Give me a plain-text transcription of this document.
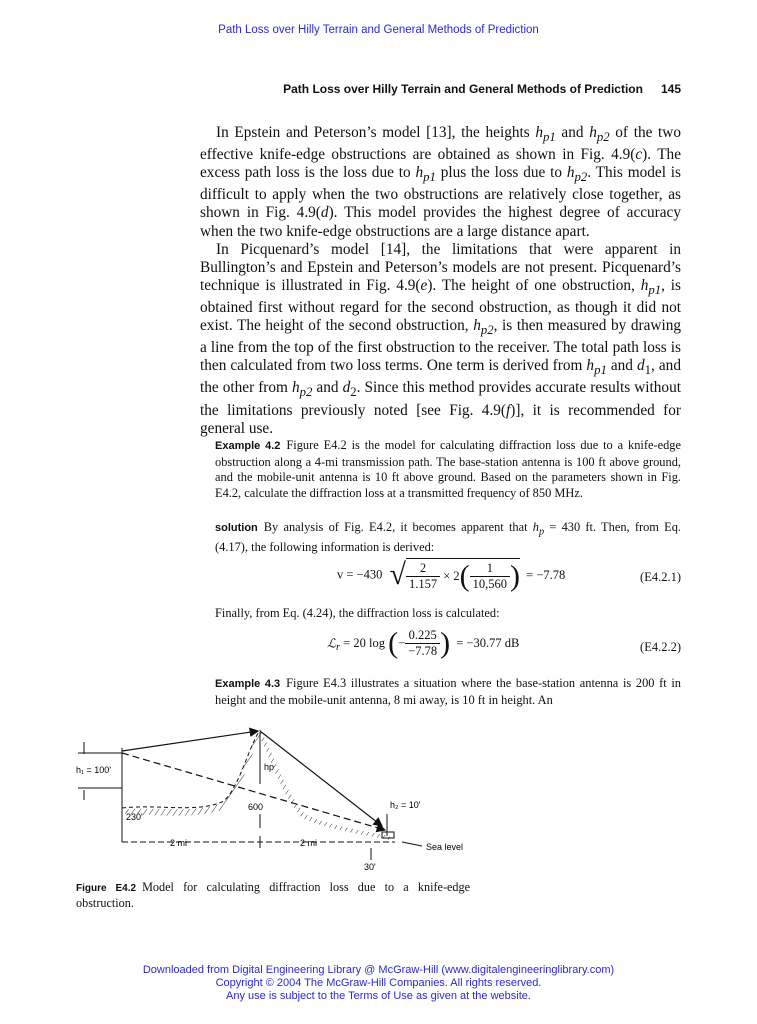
Path Loss over Hilly Terrain and General Methods of Prediction
Path Loss over Hilly Terrain and General Methods of Prediction 145

In Epstein and Peterson’s model [13], the heights $h_{p1}$ and $h_{p2}$ of the two effective knife-edge obstructions are obtained as shown in Fig. 4.9(c). The excess path loss is the loss due to $h_{p1}$ plus the loss due to $h_{p2}$. This model is difficult to apply when the two obstructions are relatively close together, as shown in Fig. 4.9(d). This model provides the highest degree of accuracy when the two knife-edge obstructions are a large distance apart.

In Picquenard’s model [14], the limitations that were apparent in Bullington’s and Epstein and Peterson’s models are not present. Picquenard’s technique is illustrated in Fig. 4.9(e). The height of one obstruction, $h_{p1}$, is obtained first without regard for the second obstruction, as though it did not exist. The height of the second obstruction, $h_{p2}$, is then measured by drawing a line from the top of the first obstruction to the receiver. The total path loss is then calculated from two loss terms. One term is derived from $h_{p1}$ and $d_1$, and the other from $h_{p2}$ and $d_2$. Since this method provides accurate results without the limitations previously noted [see Fig. 4.9(f)], it is recommended for general use.

Example 4.2 Figure E4.2 is the model for calculating diffraction loss due to a knife-edge obstruction along a 4-mi transmission path. The base-station antenna is 100 ft above ground, and the mobile-unit antenna is 10 ft above ground. Based on the parameters shown in Fig. E4.2, calculate the diffraction loss at a transmitted frequency of 850 MHz.

solution By analysis of Fig. E4.2, it becomes apparent that $h_p = 430$ ft. Then, from Eq. (4.17), the following information is derived:

v = −430 √ $\frac{2}{1.157} \times 2( \frac{1}{10,560}$ ) = −7.78	(E4.2.1)

Finally, from Eq. (4.24), the diffraction loss is calculated:

ℒ$_r$ = 20 log (− $\frac{0.225}{-7.78}$ ) = −30.77 dB	(E4.2.2)

Example 4.3 Figure E4.3 illustrates a situation where the base-station antenna is 200 ft in height and the mobile-unit antenna, 8 mi away, is 10 ft in height. An

h₁ = 100'	hp
600	h₂ = 10'
230'
2 mi	2 mi	Sea level
30'
Figure E4.2 Model for calculating diffraction loss due to a knife-edge obstruction.
Downloaded from Digital Engineering Library @ McGraw-Hill (www.digitalengineeringlibrary.com)
Copyright © 2004 The McGraw-Hill Companies. All rights reserved.
Any use is subject to the Terms of Use as given at the website.
